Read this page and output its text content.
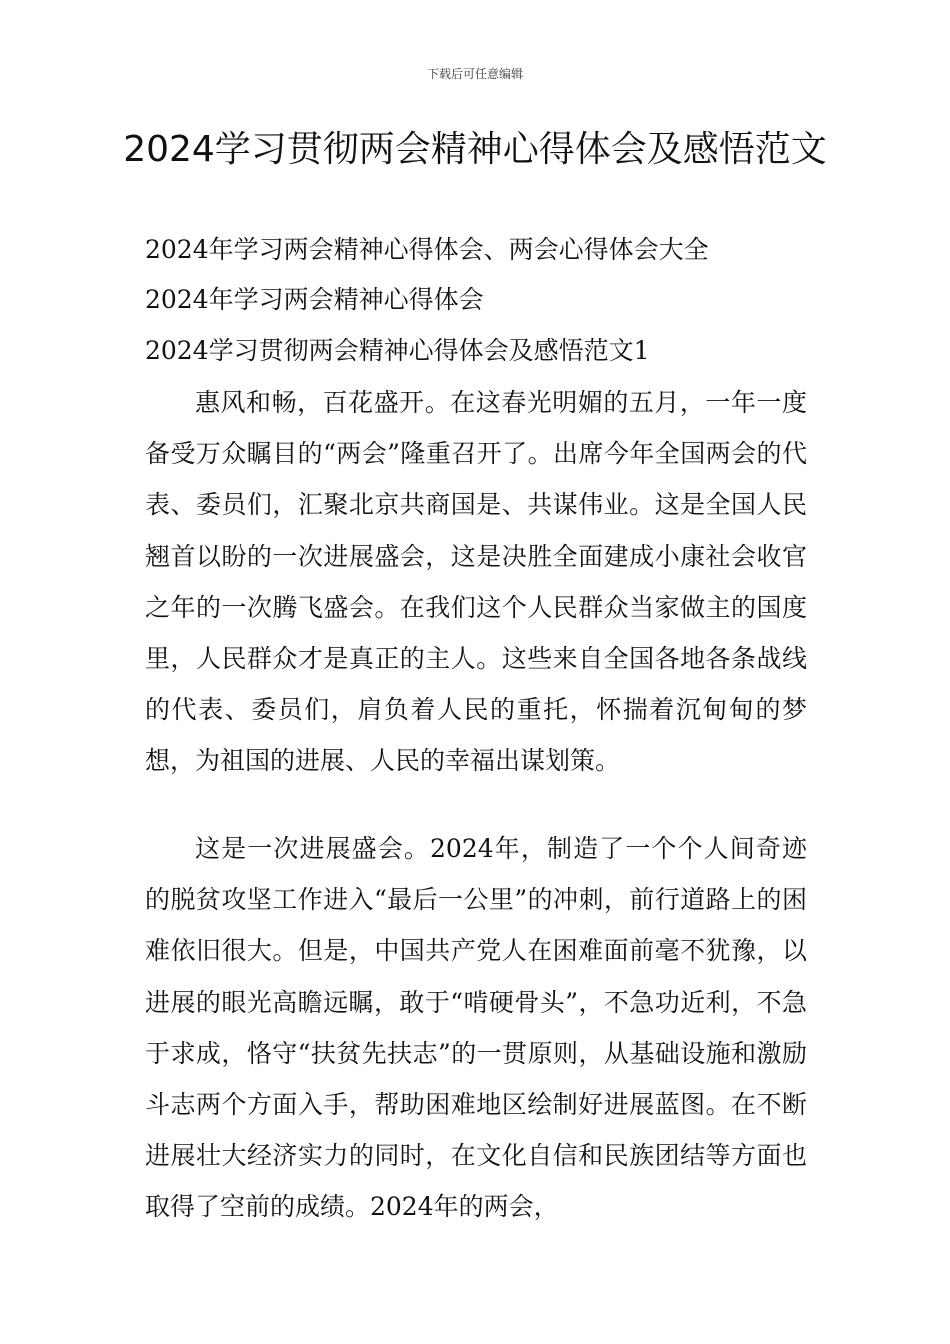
下载后可任意编辑
2024学习贯彻两会精神心得体会及感悟范文
2024年学习两会精神心得体会、两会心得体会大全
2024年学习两会精神心得体会
2024学习贯彻两会精神心得体会及感悟范文1

惠风和畅，百花盛开。在这春光明媚的五月，一年一度备受万众瞩目的“两会”隆重召开了。出席今年全国两会的代表、委员们，汇聚北京共商国是、共谋伟业。这是全国人民翘首以盼的一次进展盛会，这是决胜全面建成小康社会收官之年的一次腾飞盛会。在我们这个人民群众当家做主的国度里，人民群众才是真正的主人。这些来自全国各地各条战线的代表、委员们，肩负着人民的重托，怀揣着沉甸甸的梦想，为祖国的进展、人民的幸福出谋划策。

这是一次进展盛会。2024年，制造了一个个人间奇迹的脱贫攻坚工作进入“最后一公里”的冲刺，前行道路上的困难依旧很大。但是，中国共产党人在困难面前毫不犹豫，以进展的眼光高瞻远瞩，敢于“啃硬骨头”，不急功近利，不急于求成，恪守“扶贫先扶志”的一贯原则，从基础设施和激励斗志两个方面入手，帮助困难地区绘制好进展蓝图。在不断进展壮大经济实力的同时，在文化自信和民族团结等方面也取得了空前的成绩。2024年的两会，
